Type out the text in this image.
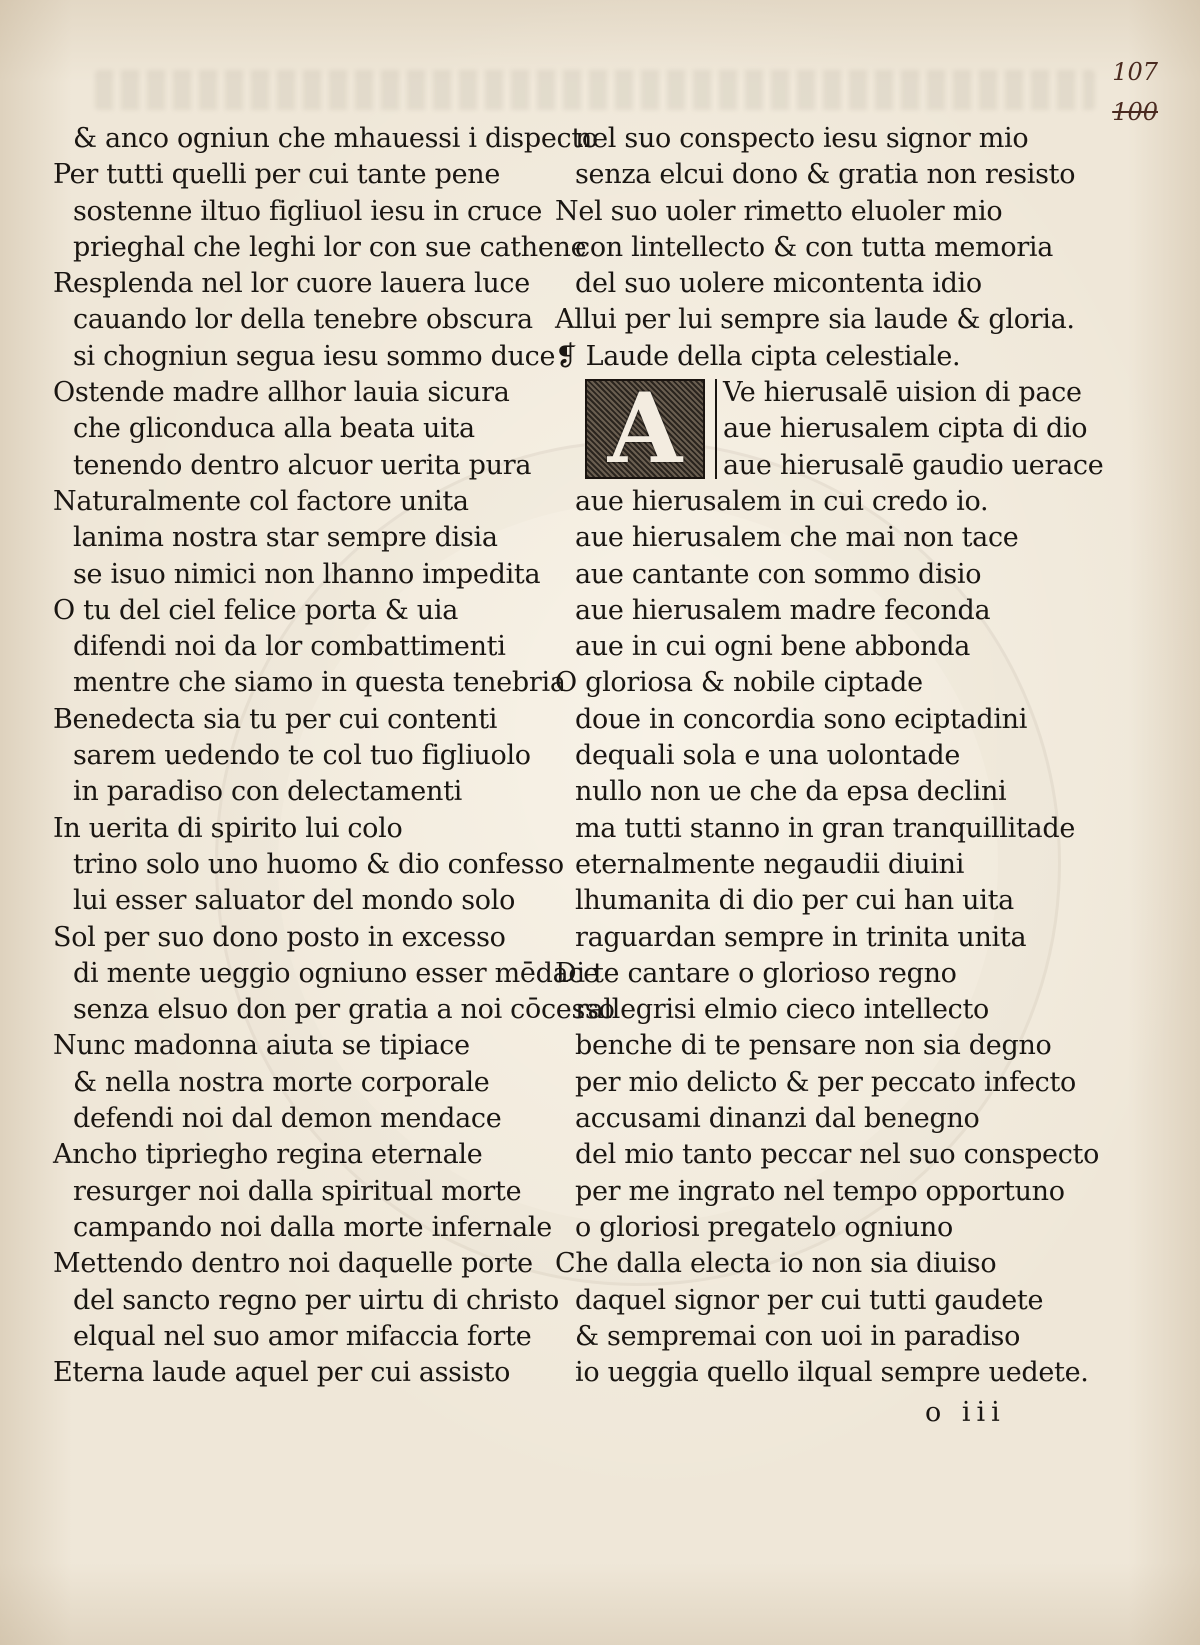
107
100
& anco ogniun che mhauessi i dispecto
Per tutti quelli per cui tante pene
sostenne iltuo figliuol iesu in cruce
prieghal che leghi lor con sue cathene
Resplenda nel lor cuore lauera luce
cauando lor della tenebre obscura
si chogniun segua iesu sommo duce
Ostende madre allhor lauia sicura
che gliconduca alla beata uita
tenendo dentro alcuor uerita pura
Naturalmente col factore unita
lanima nostra star sempre disia
se isuo nimici non lhanno impedita
O tu del ciel felice porta & uia
difendi noi da lor combattimenti
mentre che siamo in questa tenebria
Benedecta sia tu per cui contenti
sarem uedendo te col tuo figliuolo
in paradiso con delectamenti
In uerita di spirito lui colo
trino solo uno huomo & dio confesso
lui esser saluator del mondo solo
Sol per suo dono posto in excesso
di mente ueggio ogniuno esser mēdace
senza elsuo don per gratia a noi cōcesso
Nunc madonna aiuta se tipiace
& nella nostra morte corporale
defendi noi dal demon mendace
Ancho tipriegho regina eternale
resurger noi dalla spiritual morte
campando noi dalla morte infernale
Mettendo dentro noi daquelle porte
del sancto regno per uirtu di christo
elqual nel suo amor mifaccia forte
Eterna laude aquel per cui assisto
nel suo conspecto iesu signor mio
senza elcui dono & gratia non resisto
Nel suo uoler rimetto eluoler mio
con lintellecto & con tutta memoria
del suo uolere micontenta idio
Allui per lui sempre sia laude & gloria.
❡ Laude della cipta celestiale.
A	Ve hierusalē uision di pace
aue hierusalem cipta di dio
aue hierusalē gaudio uerace
aue hierusalem in cui credo io.
aue hierusalem che mai non tace
aue cantante con sommo disio
aue hierusalem madre feconda
aue in cui ogni bene abbonda
O gloriosa & nobile ciptade
doue in concordia sono eciptadini
dequali sola e una uolontade
nullo non ue che da epsa declini
ma tutti stanno in gran tranquillitade
eternalmente negaudii diuini
lhumanita di dio per cui han uita
raguardan sempre in trinita unita
Di te cantare o glorioso regno
rallegrisi elmio cieco intellecto
benche di te pensare non sia degno
per mio delicto & per peccato infecto
accusami dinanzi dal benegno
del mio tanto peccar nel suo conspecto
per me ingrato nel tempo opportuno
o gloriosi pregatelo ogniuno
Che dalla electa io non sia diuiso
daquel signor per cui tutti gaudete
& sempremai con uoi in paradiso
io ueggia quello ilqual sempre uedete.
o iii
